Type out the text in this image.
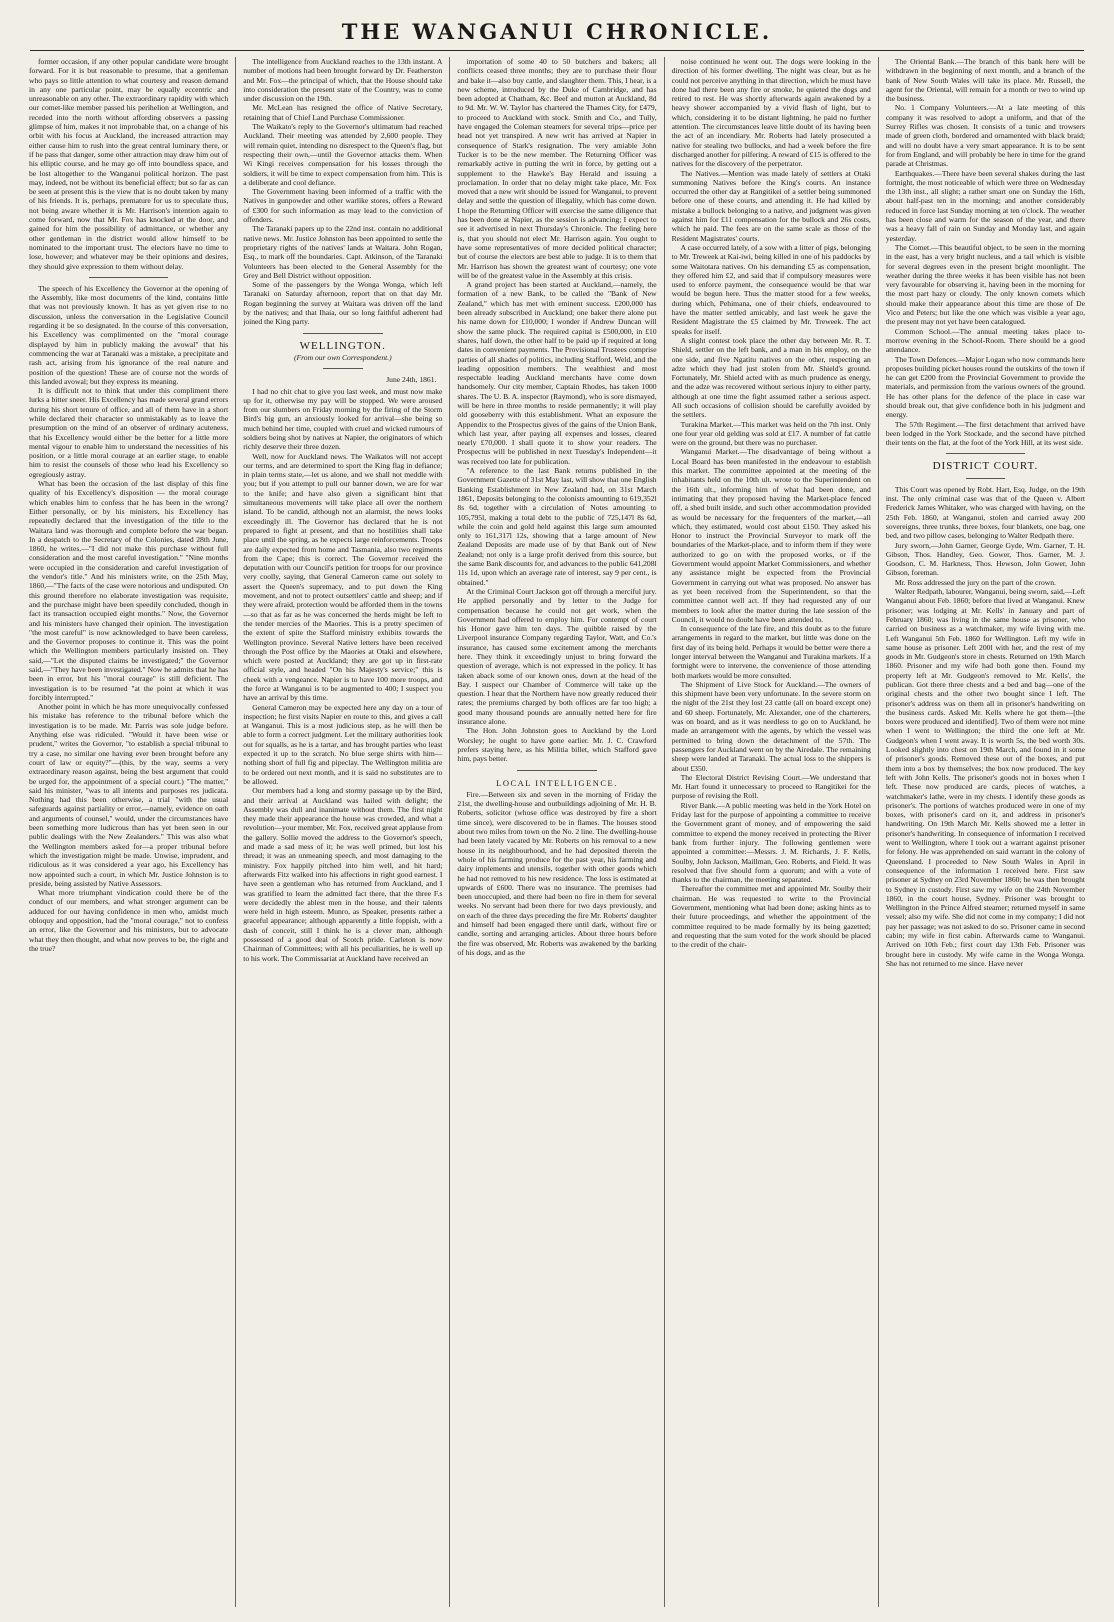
THE WANGANUI CHRONICLE.

former occasion, if any other popular candidate were brought forward. For it is but reasonable to presume, that a gentleman who pays so little attention to what courtesy and reason demand in any one particular point, may be equally eccentric and unreasonable on any other. The extraordinary rapidity with which our comet-like member passed his perihelion at Wellington, and receded into the north without affording observers a passing glimpse of him, makes it not improbable that, on a change of his orbit with his focus at Auckland, the increased attraction may either cause him to rush into the great central luminary there, or if he pass that danger, some other attraction may draw him out of his elliptic course, and he may go off into boundless space, and be lost altogether to the Wanganui political horizon. The past may, indeed, not be without its beneficial effect; but so far as can be seen at present this is the view that is no doubt taken by many of his friends. It is, perhaps, premature for us to speculate thus, not being aware whether it is Mr. Harrison's intention again to come forward, now that Mr. Fox has knocked at the door, and gained for him the possibility of admittance, or whether any other gentleman in the district would allow himself to be nominated to the important trust. The electors have no time to lose, however; and whatever may be their opinions and desires, they should give expression to them without delay.

The speech of his Excellency the Governor at the opening of the Assembly, like most documents of the kind, contains little that was not previously known. It has as yet given rise to no discussion, unless the conversation in the Legislative Council regarding it be so designated. In the course of this conversation, his Excellency was complimented on the "moral courage displayed by him in publicly making the avowal" that his commencing the war at Taranaki was a mistake, a precipitate and rash act, arising from his ignorance of the real nature and position of the question! These are of course not the words of this landed avowal; but they express its meaning.

It is difficult not to think that under this compliment there lurks a bitter sneer. His Excellency has made several grand errors during his short tenure of office, and all of them have in a short while declared their character so unmistakably as to leave the presumption on the mind of an observer of ordinary acuteness, that his Excellency would either be the better for a little more mental vigour to enable him to understand the necessities of his position, or a little moral courage at an earlier stage, to enable him to resist the counsels of those who lead his Excellency so egregiously astray.

What has been the occasion of the last display of this fine quality of his Excellency's disposition — the moral courage which enables him to confess that he has been in the wrong? Either personally, or by his ministers, his Excellency has repeatedly declared that the investigation of the title to the Waitara land was thorough and complete before the war began. In a despatch to the Secretary of the Colonies, dated 28th June, 1860, he writes,—"I did not make this purchase without full consideration and the most careful investigation." "Nine months were occupied in the consideration and careful investigation of the vendor's title." And his ministers write, on the 25th May, 1860,—"The facts of the case were notorious and undisputed. On this ground therefore no elaborate investigation was requisite, and the purchase might have been speedily concluded, though in fact its transaction occupied eight months." Now, the Governor and his ministers have changed their opinion. The investigation "the most careful" is now acknowledged to have been careless, and the Governor proposes to continue it. This was the point which the Wellington members particularly insisted on. They said,—"Let the disputed claims be investigated;" the Governor said,—"They have been investigated." Now he admits that he has been in error, but his "moral courage" is still deficient. The investigation is to be resumed "at the point at which it was forcibly interrupted."

Another point in which he has more unequivocally confessed his mistake has reference to the tribunal before which the investigation is to be made. Mr. Parris was sole judge before. Anything else was ridiculed. "Would it have been wise or prudent," writes the Governor, "to establish a special tribunal to try a case, no similar one having ever been brought before any court of law or equity?"—(this, by the way, seems a very extraordinary reason against, being the best argument that could be urged for, the appointment of a special court.) "The matter," said his minister, "was to all intents and purposes res judicata. Nothing had this been otherwise, a trial "with the usual safeguards against partiality or error,—namely, evidence on oath and arguments of counsel," would, under the circumstances have been something more ludicrous than has yet been seen in our public dealings with the New Zealanders." This was also what the Wellington members asked for—a proper tribunal before which the investigation might be made. Unwise, imprudent, and ridiculous as it was considered a year ago, his Excellency has now appointed such a court, in which Mr. Justice Johnston is to preside, being assisted by Native Assessors.

What more triumphant vindication could there be of the conduct of our members, and what stronger argument can be adduced for our having confidence in men who, amidst much obloquy and opposition, had the "moral courage," not to confess an error, like the Governor and his ministers, but to advocate what they then thought, and what now proves to be, the right and the true?

The intelligence from Auckland reaches to the 13th instant. A number of motions had been brought forward by Dr. Featherston and Mr. Fox—the principal of which, that the House should take into consideration the present state of the Country, was to come under discussion on the 19th.

Mr. McLean has resigned the office of Native Secretary, retaining that of Chief Land Purchase Commissioner.

The Waikato's reply to the Governor's ultimatum had reached Auckland. Their meeting was attended by 2,600 people. They will remain quiet, intending no disrespect to the Queen's flag, but respecting their own,—until the Governor attacks them. When Wi Kingi receives compensation for his losses through the soldiers, it will be time to expect compensation from him. This is a deliberate and cool defiance.

The Government having been informed of a traffic with the Natives in gunpowder and other warlike stores, offers a Reward of £300 for such information as may lead to the conviction of offenders.

The Taranaki papers up to the 22nd inst. contain no additional native news. Mr. Justice Johnston has been appointed to settle the proprietary rights of the natives' lands at Waitara. John Rogan, Esq., to mark off the boundaries. Capt. Atkinson, of the Taranaki Volunteers has been elected to the General Assembly for the Grey and Bell District without opposition.

Some of the passengers by the Wonga Wonga, which left Taranaki on Saturday afternoon, report that on that day Mr. Rogan beginning the survey at Waitara was driven off the land by the natives; and that Ihaia, our so long faithful adherent had joined the King party.

WELLINGTON.
(From our own Correspondent.)
June 24th, 1861.

I had no chit chat to give you last week, and must now make up for it, otherwise my pay will be stopped. We were aroused from our slumbers on Friday morning by the firing of the Storm Bird's big gun, an anxiously looked for arrival—she being so much behind her time, coupled with cruel and wicked rumours of soldiers being shot by natives at Napier, the originators of which richly deserve their three dozen.

Well, now for Auckland news. The Waikatos will not accept our terms, and are determined to sport the King flag in defiance; in plain terms state,—let us alone, and we shall not meddle with you; but if you attempt to pull our banner down, we are for war to the knife; and have also given a significant hint that simultaneous movements will take place all over the northern island. To be candid, although not an alarmist, the news looks exceedingly ill. The Governor has declared that he is not prepared to fight at present, and that no hostilities shall take place until the spring, as he expects large reinforcements. Troops are daily expected from home and Tasmania, also two regiments from the Cape; this is correct. The Governor received the deputation with our Council's petition for troops for our province very coolly, saying, that General Cameron came out solely to assert the Queen's supremacy, and to put down the King movement, and not to protect outsettlers' cattle and sheep; and if they were afraid, protection would be afforded them in the towns—so that as far as he was concerned the herds might be left to the tender mercies of the Maories. This is a pretty specimen of the extent of spite the Stafford ministry exhibits towards the Wellington province. Several Native letters have been received through the Post office by the Maories at Otaki and elsewhere, which were posted at Auckland; they are got up in first-rate official style, and headed "On his Majesty's service;" this is cheek with a vengeance. Napier is to have 100 more troops, and the force at Wanganui is to be augmented to 400; I suspect you have an arrival by this time.

General Cameron may be expected here any day on a tour of inspection; he first visits Napier en route to this, and gives a call at Wanganui. This is a most judicious step, as he will then be able to form a correct judgment. Let the military authorities look out for squalls, as he is a tartar, and has brought parties who least expected it up to the scratch. No blue serge shirts with him—nothing short of full fig and pipeclay. The Wellington militia are to be ordered out next month, and it is said no substitutes are to be allowed.

Our members had a long and stormy passage up by the Bird, and their arrival at Auckland was hailed with delight; the Assembly was dull and inanimate without them. The first night they made their appearance the house was crowded, and what a revolution—your member, Mr. Fox, received great applause from the gallery. Sollie moved the address to the Governor's speech, and made a sad mess of it; he was well primed, but lost his thread; it was an unmeaning speech, and most damaging to the ministry. Fox happily pitched into him well, and hit hard; afterwards Fitz walked into his affections in right good earnest. I have seen a gentleman who has returned from Auckland, and I was gratified to learn the admitted fact there, that the three F.s were decidedly the ablest men in the house, and their talents were held in high esteem. Munro, as Speaker, presents rather a graceful appearance; although apparently a little foppish, with a dash of conceit, still I think he is a clever man, although possessed of a good deal of Scotch pride. Carleton is now Chairman of Committees; with all his peculiarities, he is well up to his work. The Commissariat at Auckland have received an

importation of some 40 to 50 butchers and bakers; all conflicts ceased three months; they are to purchase their flour and bake it—also buy cattle, and slaughter them. This, I hear, is a new scheme, introduced by the Duke of Cambridge, and has been adopted at Chatham, &c. Beef and mutton at Auckland, 8d to 9d. Mr. W. W. Taylor has chartered the Thames City, for £479, to proceed to Auckland with stock. Smith and Co., and Tully, have engaged the Coleman steamers for several trips—price per head not yet transpired. A new writ has arrived at Napier in consequence of Stark's resignation. The very amiable John Tucker is to be the new member. The Returning Officer was remarkably active in putting the writ in force, by getting out a supplement to the Hawke's Bay Herald and issuing a proclamation. In order that no delay might take place, Mr. Fox moved that a new writ should be issued for Wanganui, to prevent delay and settle the question of illegality, which has come down. I hope the Returning Officer will exercise the same diligence that has been done at Napier, as the session is advancing; I expect to see it advertised in next Thursday's Chronicle. The feeling here is, that you should not elect Mr. Harrison again. You ought to have some representatives of more decided political character; but of course the electors are best able to judge. It is to them that Mr. Harrison has shown the greatest want of courtesy; one vote will be of the greatest value in the Assembly at this crisis.

A grand project has been started at Auckland,—namely, the formation of a new Bank, to be called the "Bank of New Zealand," which has met with eminent success. £200,000 has been already subscribed in Auckland; one baker there alone put his name down for £10,000; I wonder if Andrew Duncan will show the same pluck. The required capital is £500,000, in £10 shares, half down, the other half to be paid up if required at long dates in convenient payments. The Provisional Trustees comprise parties of all shades of politics, including Stafford, Weld, and the leading opposition members. The wealthiest and most respectable leading Auckland merchants have come down handsomely. Our city member, Captain Rhodes, has taken 1000 shares. The U. B. A. inspector (Raymond), who is sore dismayed, will be here in three months to reside permanently; it will play old gooseberry with this establishment. What an exposure the Appendix to the Prospectus gives of the gains of the Union Bank, which last year, after paying all expenses and losses, cleared nearly £70,000. I shall quote it to show your readers. The Prospectus will be published in next Tuesday's Independent—it was received too late for publication.

"A reference to the last Bank returns published in the Government Gazette of 31st May last, will show that one English Banking Establishment in New Zealand had, on 31st March 1861, Deposits belonging to the colonists amounting to 619,352l 8s 6d, together with a circulation of Notes amounting to 105,795l, making a total debt to the public of 725,147l 8s 6d, while the coin and gold held against this large sum amounted only to 161,317l 12s, showing that a large amount of New Zealand Deposits are made use of by that Bank out of New Zealand; not only is a large profit derived from this source, but the same Bank discounts for, and advances to the public 641,208l 11s 1d, upon which an average rate of interest, say 9 per cent., is obtained."

At the Criminal Court Jackson got off through a merciful jury. He applied personally and by letter to the Judge for compensation because he could not get work, when the Government had offered to employ him. For contempt of court his Honor gave him ten days. The quibble raised by the Liverpool insurance Company regarding Taylor, Watt, and Co.'s insurance, has caused some excitement among the merchants here. They think it exceedingly unjust to bring forward the question of average, which is not expressed in the policy. It has taken aback some of our known ones, down at the head of the Bay. I suspect our Chamber of Commerce will take up the question. I hear that the Northern have now greatly reduced their rates; the premiums charged by both offices are far too high; a good many thousand pounds are annually netted here for fire insurance alone.

The Hon. John Johnston goes to Auckland by the Lord Worsley; he ought to have gone earlier. Mr. J. C. Crawford prefers staying here, as his Militia billet, which Stafford gave him, pays better.

LOCAL INTELLIGENCE.

Fire.—Between six and seven in the morning of Friday the 21st, the dwelling-house and outbuildings adjoining of Mr. H. B. Roberts, solicitor (whose office was destroyed by fire a short time since), were discovered to be in flames. The houses stood about two miles from town on the No. 2 line. The dwelling-house had been lately vacated by Mr. Roberts on his removal to a new house in its neighbourhood, and he had deposited therein the whole of his farming produce for the past year, his farming and dairy implements and utensils, together with other goods which he had not removed to his new residence. The loss is estimated at upwards of £600. There was no insurance. The premises had been unoccupied, and there had been no fire in them for several weeks. No servant had been there for two days previously, and on each of the three days preceding the fire Mr. Roberts' daughter and himself had been engaged there until dark, without fire or candle, sorting and arranging articles. About three hours before the fire was observed, Mr. Roberts was awakened by the barking of his dogs, and as the

noise continued he went out. The dogs were looking in the direction of his former dwelling. The night was clear, but as he could not perceive anything in that direction, which he must have done had there been any fire or smoke, he quieted the dogs and retired to rest. He was shortly afterwards again awakened by a heavy shower accompanied by a vivid flash of light, but to which, considering it to be distant lightning, he paid no further attention. The circumstances leave little doubt of its having been the act of an incendiary. Mr. Roberts had lately prosecuted a native for stealing two bullocks, and had a week before the fire discharged another for pilfering. A reward of £15 is offered to the natives for the discovery of the perpetrator.

The Natives.—Mention was made lately of settlers at Otaki summoning Natives before the King's courts. An instance occurred the other day at Rangitikei of a settler being summoned before one of these courts, and attending it. He had killed by mistake a bullock belonging to a native, and judgment was given against him for £11 compensation for the bullock and 26s costs, which he paid. The fees are on the same scale as those of the Resident Magistrates' courts.

A case occurred lately, of a sow with a litter of pigs, belonging to Mr. Treweek at Kai-iwi, being killed in one of his paddocks by some Waitotara natives. On his demanding £5 as compensation, they offered him £2, and said that if compulsory measures were used to enforce payment, the consequence would be that war would be begun here. Thus the matter stood for a few weeks, during which, Pehimana, one of their chiefs, endeavoured to have the matter settled amicably, and last week he gave the Resident Magistrate the £5 claimed by Mr. Treweek. The act speaks for itself.

A slight contest took place the other day between Mr. R. T. Shield, settler on the left bank, and a man in his employ, on the one side, and five Ngatitu natives on the other, respecting an adze which they had just stolen from Mr. Shield's ground. Fortunately, Mr. Shield acted with as much prudence as energy, and the adze was recovered without serious injury to either party, although at one time the fight assumed rather a serious aspect. All such occasions of collision should be carefully avoided by the settlers.

Turakina Market.—This market was held on the 7th inst. Only one four year old gelding was sold at £17. A number of fat cattle were on the ground, but there was no purchaser.

Wanganui Market.—The disadvantage of being without a Local Board has been manifested in the endeavour to establish this market. The committee appointed at the meeting of the inhabitants held on the 10th ult. wrote to the Superintendent on the 16th ult., informing him of what had been done, and intimating that they proposed having the Market-place fenced off, a shed built inside, and such other accommodation provided as would be necessary for the frequenters of the market,—all which, they estimated, would cost about £150. They asked his Honor to instruct the Provincial Surveyor to mark off the boundaries of the Market-place, and to inform them if they were authorized to go on with the proposed works, or if the Government would appoint Market Commissioners, and whether any assistance might be expected from the Provincial Government in carrying out what was proposed. No answer has as yet been received from the Superintendent, so that the committee cannot well act. If they had requested any of our members to look after the matter during the late session of the Council, it would no doubt have been attended to.

In consequence of the late fire, and this doubt as to the future arrangements in regard to the market, but little was done on the first day of its being held. Perhaps it would be better were there a longer interval between the Wanganui and Turakina markets. If a fortnight were to intervene, the convenience of those attending both markets would be more consulted.

The Shipment of Live Stock for Auckland.—The owners of this shipment have been very unfortunate. In the severe storm on the night of the 21st they lost 23 cattle (all on board except one) and 60 sheep. Fortunately, Mr. Alexander, one of the charterers, was on board, and as it was needless to go on to Auckland, he made an arrangement with the agents, by which the vessel was permitted to bring down the detachment of the 57th. The passengers for Auckland went on by the Airedale. The remaining sheep were landed at Taranaki. The actual loss to the shippers is about £350.

The Electoral District Revising Court.—We understand that Mr. Hart found it unnecessary to proceed to Rangitikei for the purpose of revising the Roll.

River Bank.—A public meeting was held in the York Hotel on Friday last for the purpose of appointing a committee to receive the Government grant of money, and of empowering the said committee to expend the money received in protecting the River bank from further injury. The following gentlemen were appointed a committee:—Messrs. J. M. Richards, J. F. Kells, Soulby, John Jackson, Maillman, Geo. Roberts, and Field. It was resolved that five should form a quorum; and with a vote of thanks to the chairman, the meeting separated.

Thereafter the committee met and appointed Mr. Soulby their chairman. He was requested to write to the Provincial Government, mentioning what had been done; asking hints as to their future proceedings, and whether the appointment of the committee required to be made formally by its being gazetted; and requesting that the sum voted for the work should be placed to the credit of the chair-

The Oriental Bank.—The branch of this bank here will be withdrawn in the beginning of next month, and a branch of the bank of New South Wales will take its place. Mr. Russell, the agent for the Oriental, will remain for a month or two to wind up the business.

No. 1 Company Volunteers.—At a late meeting of this company it was resolved to adopt a uniform, and that of the Surrey Rifles was chosen. It consists of a tunic and trowsers made of green cloth, bordered and ornamented with black braid; and will no doubt have a very smart appearance. It is to be sent for from England, and will probably be here in time for the grand parade at Christmas.

Earthquakes.—There have been several shakes during the last fortnight, the most noticeable of which were three on Wednesday the 13th inst., all slight; a rather smart one on Sunday the 16th, about half-past ten in the morning; and another considerably reduced in force last Sunday morning at ten o'clock. The weather has been close and warm for the season of the year, and there was a heavy fall of rain on Sunday and Monday last, and again yesterday.

The Comet.—This beautiful object, to be seen in the morning in the east, has a very bright nucleus, and a tail which is visible for several degrees even in the present bright moonlight. The weather during the three weeks it has been visible has not been very favourable for observing it, having been in the morning for the most part hazy or cloudy. The only known comets which should make their appearance about this time are those of De Vico and Peters; but like the one which was visible a year ago, the present may not yet have been catalogued.

Common School.—The annual meeting takes place to-morrow evening in the School-Room. There should be a good attendance.

The Town Defences.—Major Logan who now commands here proposes building picket houses round the outskirts of the town if he can get £200 from the Provincial Government to provide the materials, and permission from the various owners of the ground. He has other plans for the defence of the place in case war should break out, that give confidence both in his judgment and energy.

The 57th Regiment.—The first detachment that arrived have been lodged in the York Stockade, and the second have pitched their tents on the flat, at the foot of the York Hill, at its west side.

DISTRICT COURT.

This Court was opened by Robt. Hart, Esq. Judge, on the 19th inst. The only criminal case was that of the Queen v. Albert Frederick James Whitaker, who was charged with having, on the 25th Feb. 1860, at Wanganui, stolen and carried away 200 sovereigns, three trunks, three boxes, four blankets, one bag, one bed, and two pillow cases, belonging to Walter Redpath there.

Jury sworn,—John Garner, George Gyde, Wm. Garner, T. H. Gibson, Thos. Handley, Geo. Gower, Thos. Garner, M. J. Goodson, C. M. Harkness, Thos. Hewson, John Gower, John Gibson, foreman.

Mr. Ross addressed the jury on the part of the crown.

Walter Redpath, labourer, Wanganui, being sworn, said,—Left Wanganui about Feb. 1860; before that lived at Wanganui. Knew prisoner; was lodging at Mr. Kells' in January and part of February 1860; was living in the same house as prisoner, who carried on business as a watchmaker, my wife living with me. Left Wanganui 5th Feb. 1860 for Wellington. Left my wife in same house as prisoner. Left 200l with her, and the rest of my goods in Mr. Gudgeon's store in chests. Returned on 19th March 1860. Prisoner and my wife had both gone then. Found my property left at Mr. Gudgeon's removed to Mr. Kells', the publican. Got there three chests and a bed and bag—one of the original chests and the other two bought since I left. The prisoner's address was on them all in prisoner's handwriting on the business cards. Asked Mr. Kells where he got them—[the boxes were produced and identified]. Two of them were not mine when I went to Wellington; the third the one left at Mr. Gudgeon's when I went away. It is worth 5s, the bed worth 30s. Looked slightly into chest on 19th March, and found in it some of prisoner's goods. Removed these out of the boxes, and put them into a box by themselves; the box now produced. The key left with John Kells. The prisoner's goods not in boxes when I left. These now produced are cards, pieces of watches, a watchmaker's lathe, were in my chests. I identify these goods as prisoner's. The portions of watches produced were in one of my boxes, with prisoner's card on it, and address in prisoner's handwriting. On 19th March Mr. Kells showed me a letter in prisoner's handwriting. In consequence of information I received went to Wellington, where I took out a warrant against prisoner for felony. He was apprehended on said warrant in the colony of Queensland. I proceeded to New South Wales in April in consequence of the information I received here. First saw prisoner at Sydney on 23rd November 1860; he was then brought to Sydney in custody. First saw my wife on the 24th November 1860, in the court house, Sydney. Prisoner was brought to Wellington in the Prince Alfred steamer; returned myself in same vessel; also my wife. She did not come in my company; I did not pay her passage; was not asked to do so. Prisoner came in second cabin; my wife in first cabin. Afterwards came to Wanganui. Arrived on 10th Feb.; first court day 13th Feb. Prisoner was brought here in custody. My wife came in the Wonga Wonga. She has not returned to me since. Have never
